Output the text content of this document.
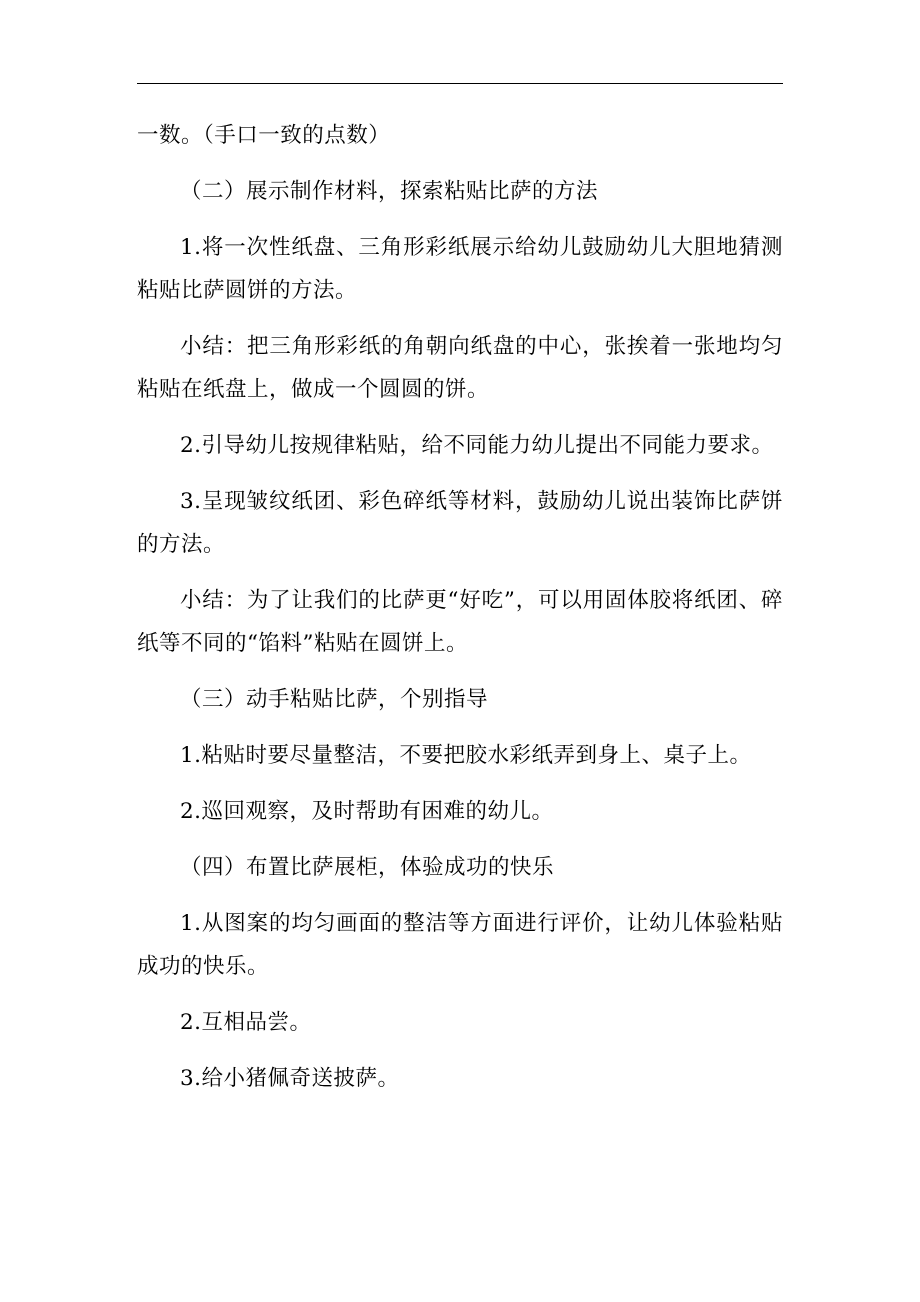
一数。（手口一致的点数）

（二）展示制作材料，探索粘贴比萨的方法

1.将一次性纸盘、三角形彩纸展示给幼儿鼓励幼儿大胆地猜测粘贴比萨圆饼的方法。

小结：把三角形彩纸的角朝向纸盘的中心，张挨着一张地均匀粘贴在纸盘上，做成一个圆圆的饼。

2.引导幼儿按规律粘贴，给不同能力幼儿提出不同能力要求。

3.呈现皱纹纸团、彩色碎纸等材料，鼓励幼儿说出装饰比萨饼的方法。

小结：为了让我们的比萨更“好吃”，可以用固体胶将纸团、碎纸等不同的“馅料”粘贴在圆饼上。

（三）动手粘贴比萨，个别指导

1.粘贴时要尽量整洁，不要把胶水彩纸弄到身上、桌子上。

2.巡回观察，及时帮助有困难的幼儿。

（四）布置比萨展柜，体验成功的快乐

1.从图案的均匀画面的整洁等方面进行评价，让幼儿体验粘贴成功的快乐。

2.互相品尝。

3.给小猪佩奇送披萨。
